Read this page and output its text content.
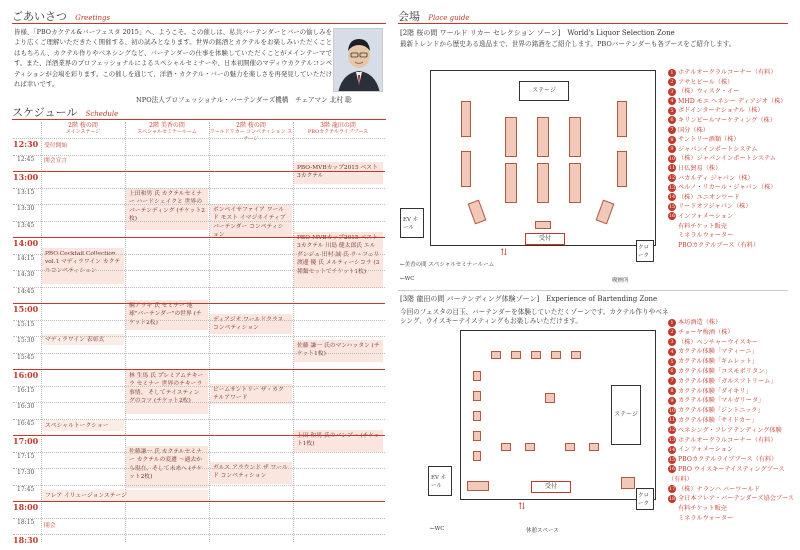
ごあいさつ Greetings
皆様、「PBOカクテル&バーフェスタ 2015」へ、ようこそ。この催しは、私共バーテンダーとバーの愉しみをより広くご理解いただきたく開催する、初の試みとなります。世界の銘酒とカクテルをお楽しみいただくことはもちろん、カクテル作りやベネシングなど、バーテンダーの仕事を体験していただくことがメインテーマです。また、洋酒業界のプロフェッショナルによるスペシャルセミナーや、日本初開催のマディウカクテルコンペティションが会場を彩ります。この催しを通じて、洋酒・カクテル・バーの魅力を楽しさを再発見していただければ幸いです。
NPO法人プロフェッショナル・バーテンダーズ機構　チェアマン 北村 聡
スケジュール Schedule
2階 桜の間
メインステージ
2階 美香の間
スペシャルセミナールーム
2階 桜の間
ワールドリカー コンペティション ステージ
3階 龍田の間
PBOカクテルライブブース
受付開始
開会宣言
PBO-MVBカップ2015 ベスト3カクテル
上田和男 氏 カクテルセミナー ハードシェイクと 世界のバーテンディング (チケット2枚)
ボンベイサファイア ワールド モスト イマジネイティブバーテンダー コンペティション
PBO Cocktail Collection vol.1 マディラワイン カクテルコンペティション
PBO-MVBカップ2015 ベスト3カクテル 川島 健太郎氏 エルダンジュ 田村 誠 氏 ラ・フェリ 渡邊 優 氏 メルティーシコラ (3種類セットでチケット1枚)
鯛アラキ 氏 セミナー 地球"バーテンダー"の世界 (チケット2枚)	ディアジオ ワールドクラス コンペティション
マディラワイン 表彰式
佐藤 謙一 氏のマンハッタン (チケット1枚)
林 生馬 氏 プレミアムテキーラ セミナー 世界のテキーラ事情、 そしてテイスティングのコツ (チケット2枚)
ビームサントリー ザ・カクテルアワード
スペシャルトークショー
上田 和男 氏のバンブー (チケット1枚)
佐藤謙一 氏 カクテルセミナー カクテルの変遷 〜過去から現在、そして未来へ (チケット2枚)
ガルス アラウンド ザ ワールド コンペティション
フレア イリュージョンステージ
閉会
12:30
12:45
13:00
13:15
13:30
13:45
14:00
14:15
14:30
14:45
15:00
15:15
15:30
15:45
16:00
16:15
16:30
16:45
17:00
17:15
17:30
17:45
18:00
18:15
18:30
会場 Place guide
[2階 桜の間 ワールド リカー セレクション ゾーン]　World's Liquor Selection Zone
最新トレンドから歴史ある逸品まで、世界の銘酒をご紹介します。PBOバーテンダーも各ブースをご紹介します。
ステージ
受付
EV ホール
クローク
←美香の間 スペシャルセミナールーム
←WC	喫煙所
⇅
1 ホテルオークラルコーナー（有料）
2 アサヒビール（株）
3 （株）ウィスク・イー
4 MHD モエ ヘネシー ディアジオ（株）
5 ボドインターナショナル（株）
6 キリンビールマーケティング（株）
7 国分（株）
8 サントリー酒類（株）
9 ジャパンインポートシステム
10 （株）ジャパンインポートシステム
11 日仏貿易（株）
12 バカルディ ジャパン（株）
13 ペルノ・リカール・ジャパン（株）
14 （株）ユニオンワード
15 リードオフジャパン（株）
16 インフォメーション
有料チケット販売
ミネラルウォーター
PBOカクテルブース（有料）
[3階 龍田の間 バーテンディング体験ゾーン]　Experience of Bartending Zone
今回のフェスタの目玉、バーテンダーを体験していただくゾーンです。カクテル作りやベネシング、ウイスキーテイスティングもお楽しみいただけます。
ステージ
受付
EV ホール
クローク
休憩スペース
←WC
⇅
1 本坊酒造（株）
2 チョーヤ梅酒（株）
3 （株）ベンチャーウイスキー
4 カクテル体験「マティーニ」
5 カクテル体験「ギムレット」
6 カクテル体験「コスモポリタン」
7 カクテル体験「ガルスフトリーム」
8 カクテル体験「ダイキリ」
9 カクテル体験「マルガリータ」
10 カクテル体験「ジントニック」
11 カクテル体験「サイドカー」
12 ベネシング・フレアテンディング体験
13 ホテルオークラルコーナー（有料）
14 インフォメーション
15 PBOカクテルライブブース（有料）
16 PBO ウイスキーテイスティングブース（有料）
17 （株）ナランハ バーワールド
18 全日本フレア・バーテンダーズ協会ブース
有料チケット販売
ミネラルウォーター
